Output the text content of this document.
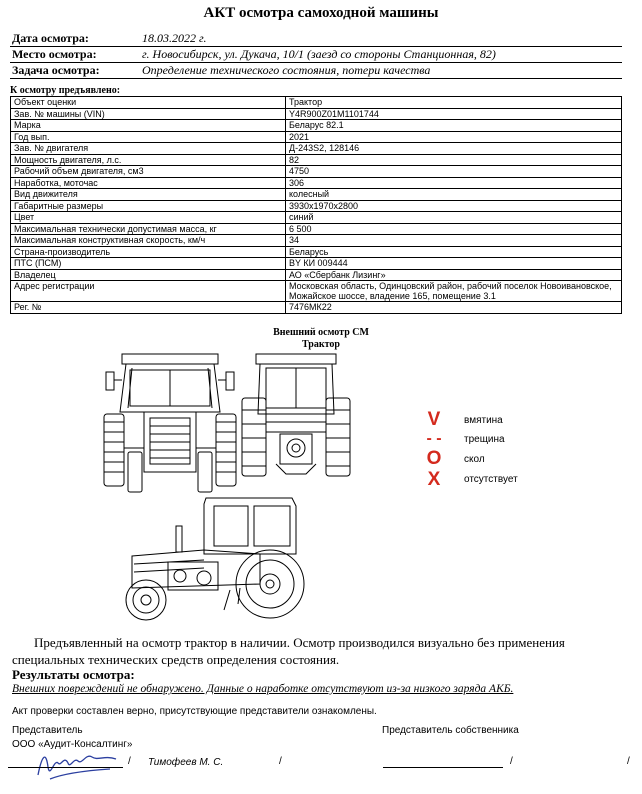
АКТ осмотра самоходной машины
Дата осмотра:	18.03.2022 г.
Место осмотра:	г. Новосибирск, ул. Дукача, 10/1 (заезд со стороны Станционная, 82)
Задача осмотра:	Определение технического состояния, потери качества
К осмотру предъявлено:
Объект оценки	Трактор
Зав. № машины (VIN)	Y4R900Z01M1101744
Марка	Беларус 82.1
Год вып.	2021
Зав. № двигателя	Д-243S2, 128146
Мощность двигателя, л.с.	82
Рабочий объем двигателя, см3	4750
Наработка, моточас	306
Вид движителя	колесный
Габаритные размеры	3930х1970х2800
Цвет	синий
Максимальная технически допустимая масса, кг	6 500
Максимальная конструктивная скорость, км/ч	34
Страна-производитель	Беларусь
ПТС (ПСМ)	BY КИ 009444
Владелец	АО «Сбербанк Лизинг»
Адрес регистрации	Московская область, Одинцовский район, рабочий поселок Новоивановское, Можайское шоссе, владение 165, помещение 3.1
Рег. №	7476МК22
Внешний осмотр СМ
Трактор
V	вмятина
- - трещина
O скол
X	отсутствует
Предъявленный на осмотр трактор в наличии. Осмотр производился визуально без применения специальных технических средств определения состояния.
Результаты осмотра:
Внешних повреждений не обнаружено. Данные о наработке отсутствуют из-за низкого заряда АКБ.
Акт проверки составлен верно, присутствующие представители ознакомлены.
Представитель
ООО «Аудит-Консалтинг»
/ Тимофеев М. С.	/
Представитель собственника
/	/
